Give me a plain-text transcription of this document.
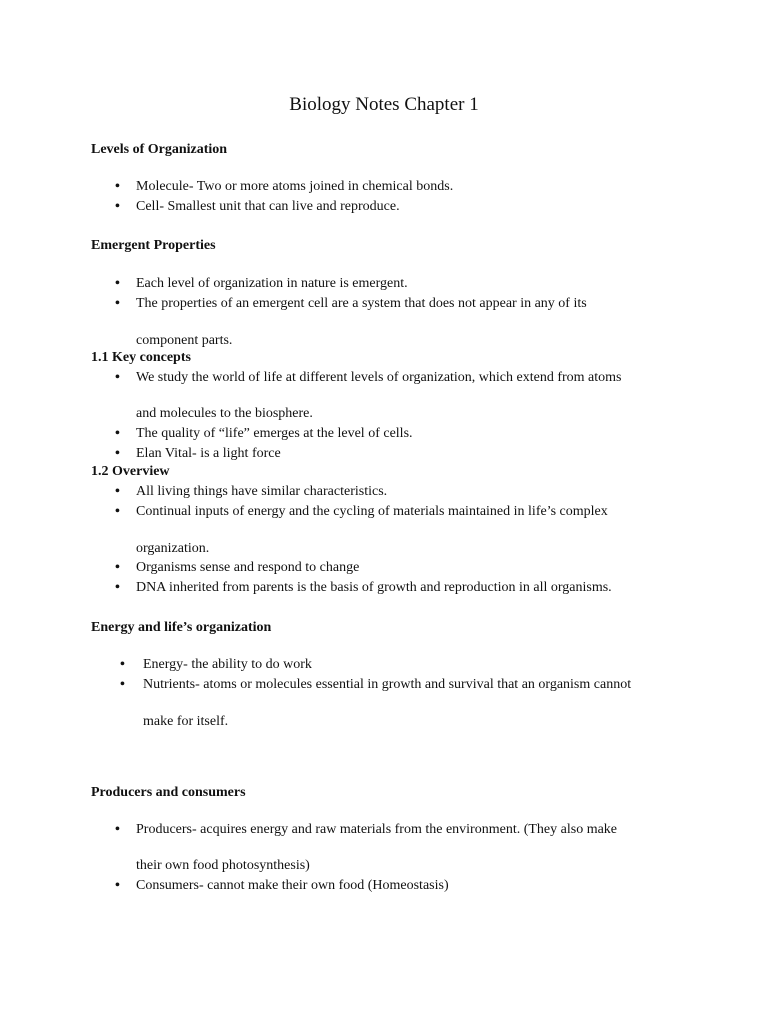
Biology Notes Chapter 1
Levels of Organization
• Molecule- Two or more atoms joined in chemical bonds.
• Cell- Smallest unit that can live and reproduce.
Emergent Properties
• Each level of organization in nature is emergent.
• The properties of an emergent cell are a system that does not appear in any of its
component parts.
1.1 Key concepts
• We study the world of life at different levels of organization, which extend from atoms
and molecules to the biosphere.
• The quality of “life” emerges at the level of cells.
• Elan Vital- is a light force
1.2 Overview
• All living things have similar characteristics.
• Continual inputs of energy and the cycling of materials maintained in life’s complex
organization.
• Organisms sense and respond to change
• DNA inherited from parents is the basis of growth and reproduction in all organisms.
Energy and life’s organization
• Energy- the ability to do work
• Nutrients- atoms or molecules essential in growth and survival that an organism cannot
make for itself.
Producers and consumers
• Producers- acquires energy and raw materials from the environment. (They also make
their own food photosynthesis)
• Consumers- cannot make their own food (Homeostasis)
